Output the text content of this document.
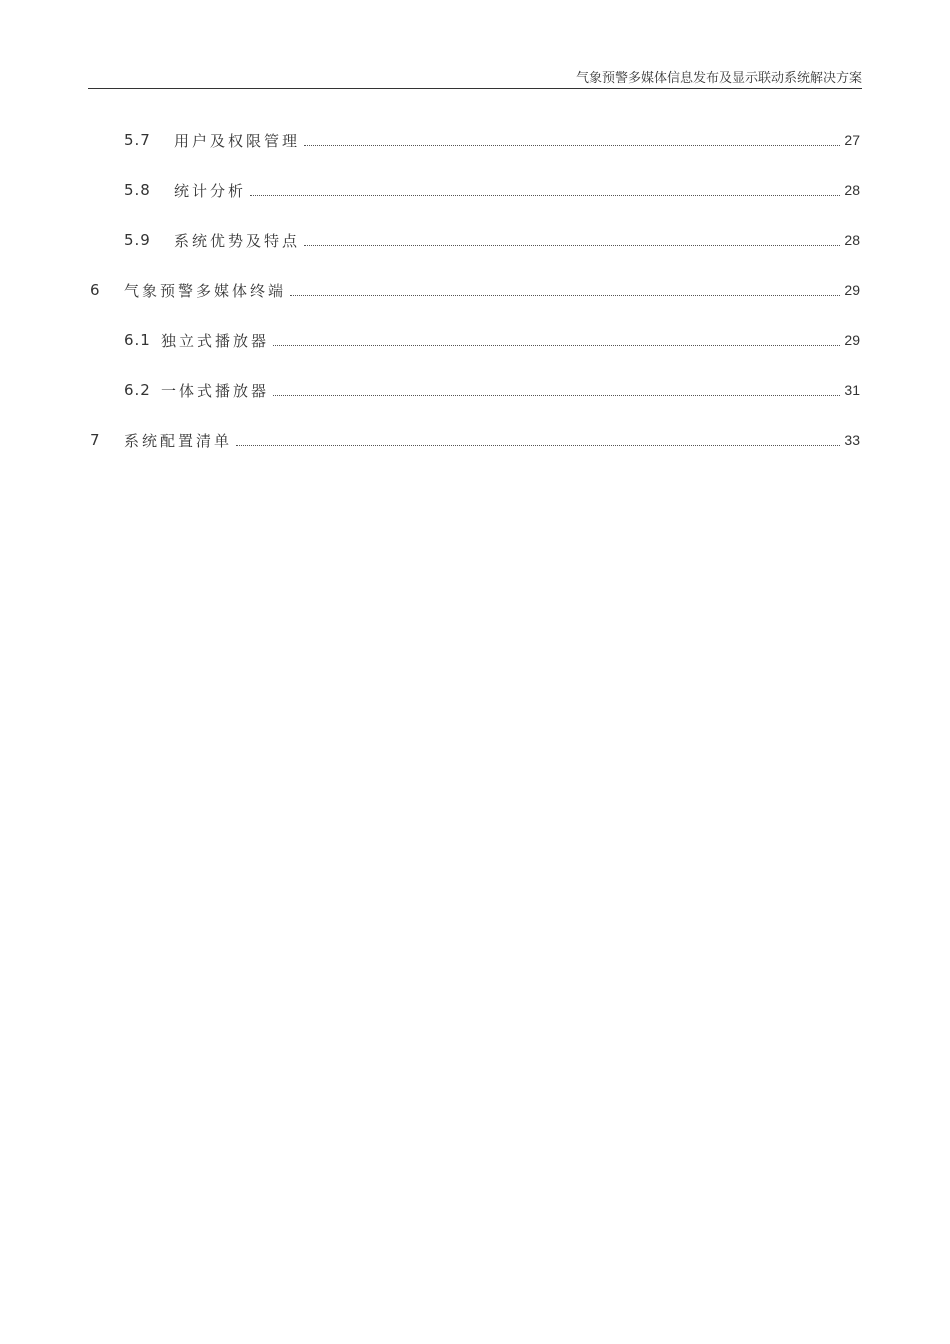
气象预警多媒体信息发布及显示联动系统解决方案
5.7	用户及权限管理	27
5.8	统计分析	28
5.9	系统优势及特点	28
6	气象预警多媒体终端	29
6.1 独立式播放器	29
6.2 一体式播放器	31
7	系统配置清单	33
